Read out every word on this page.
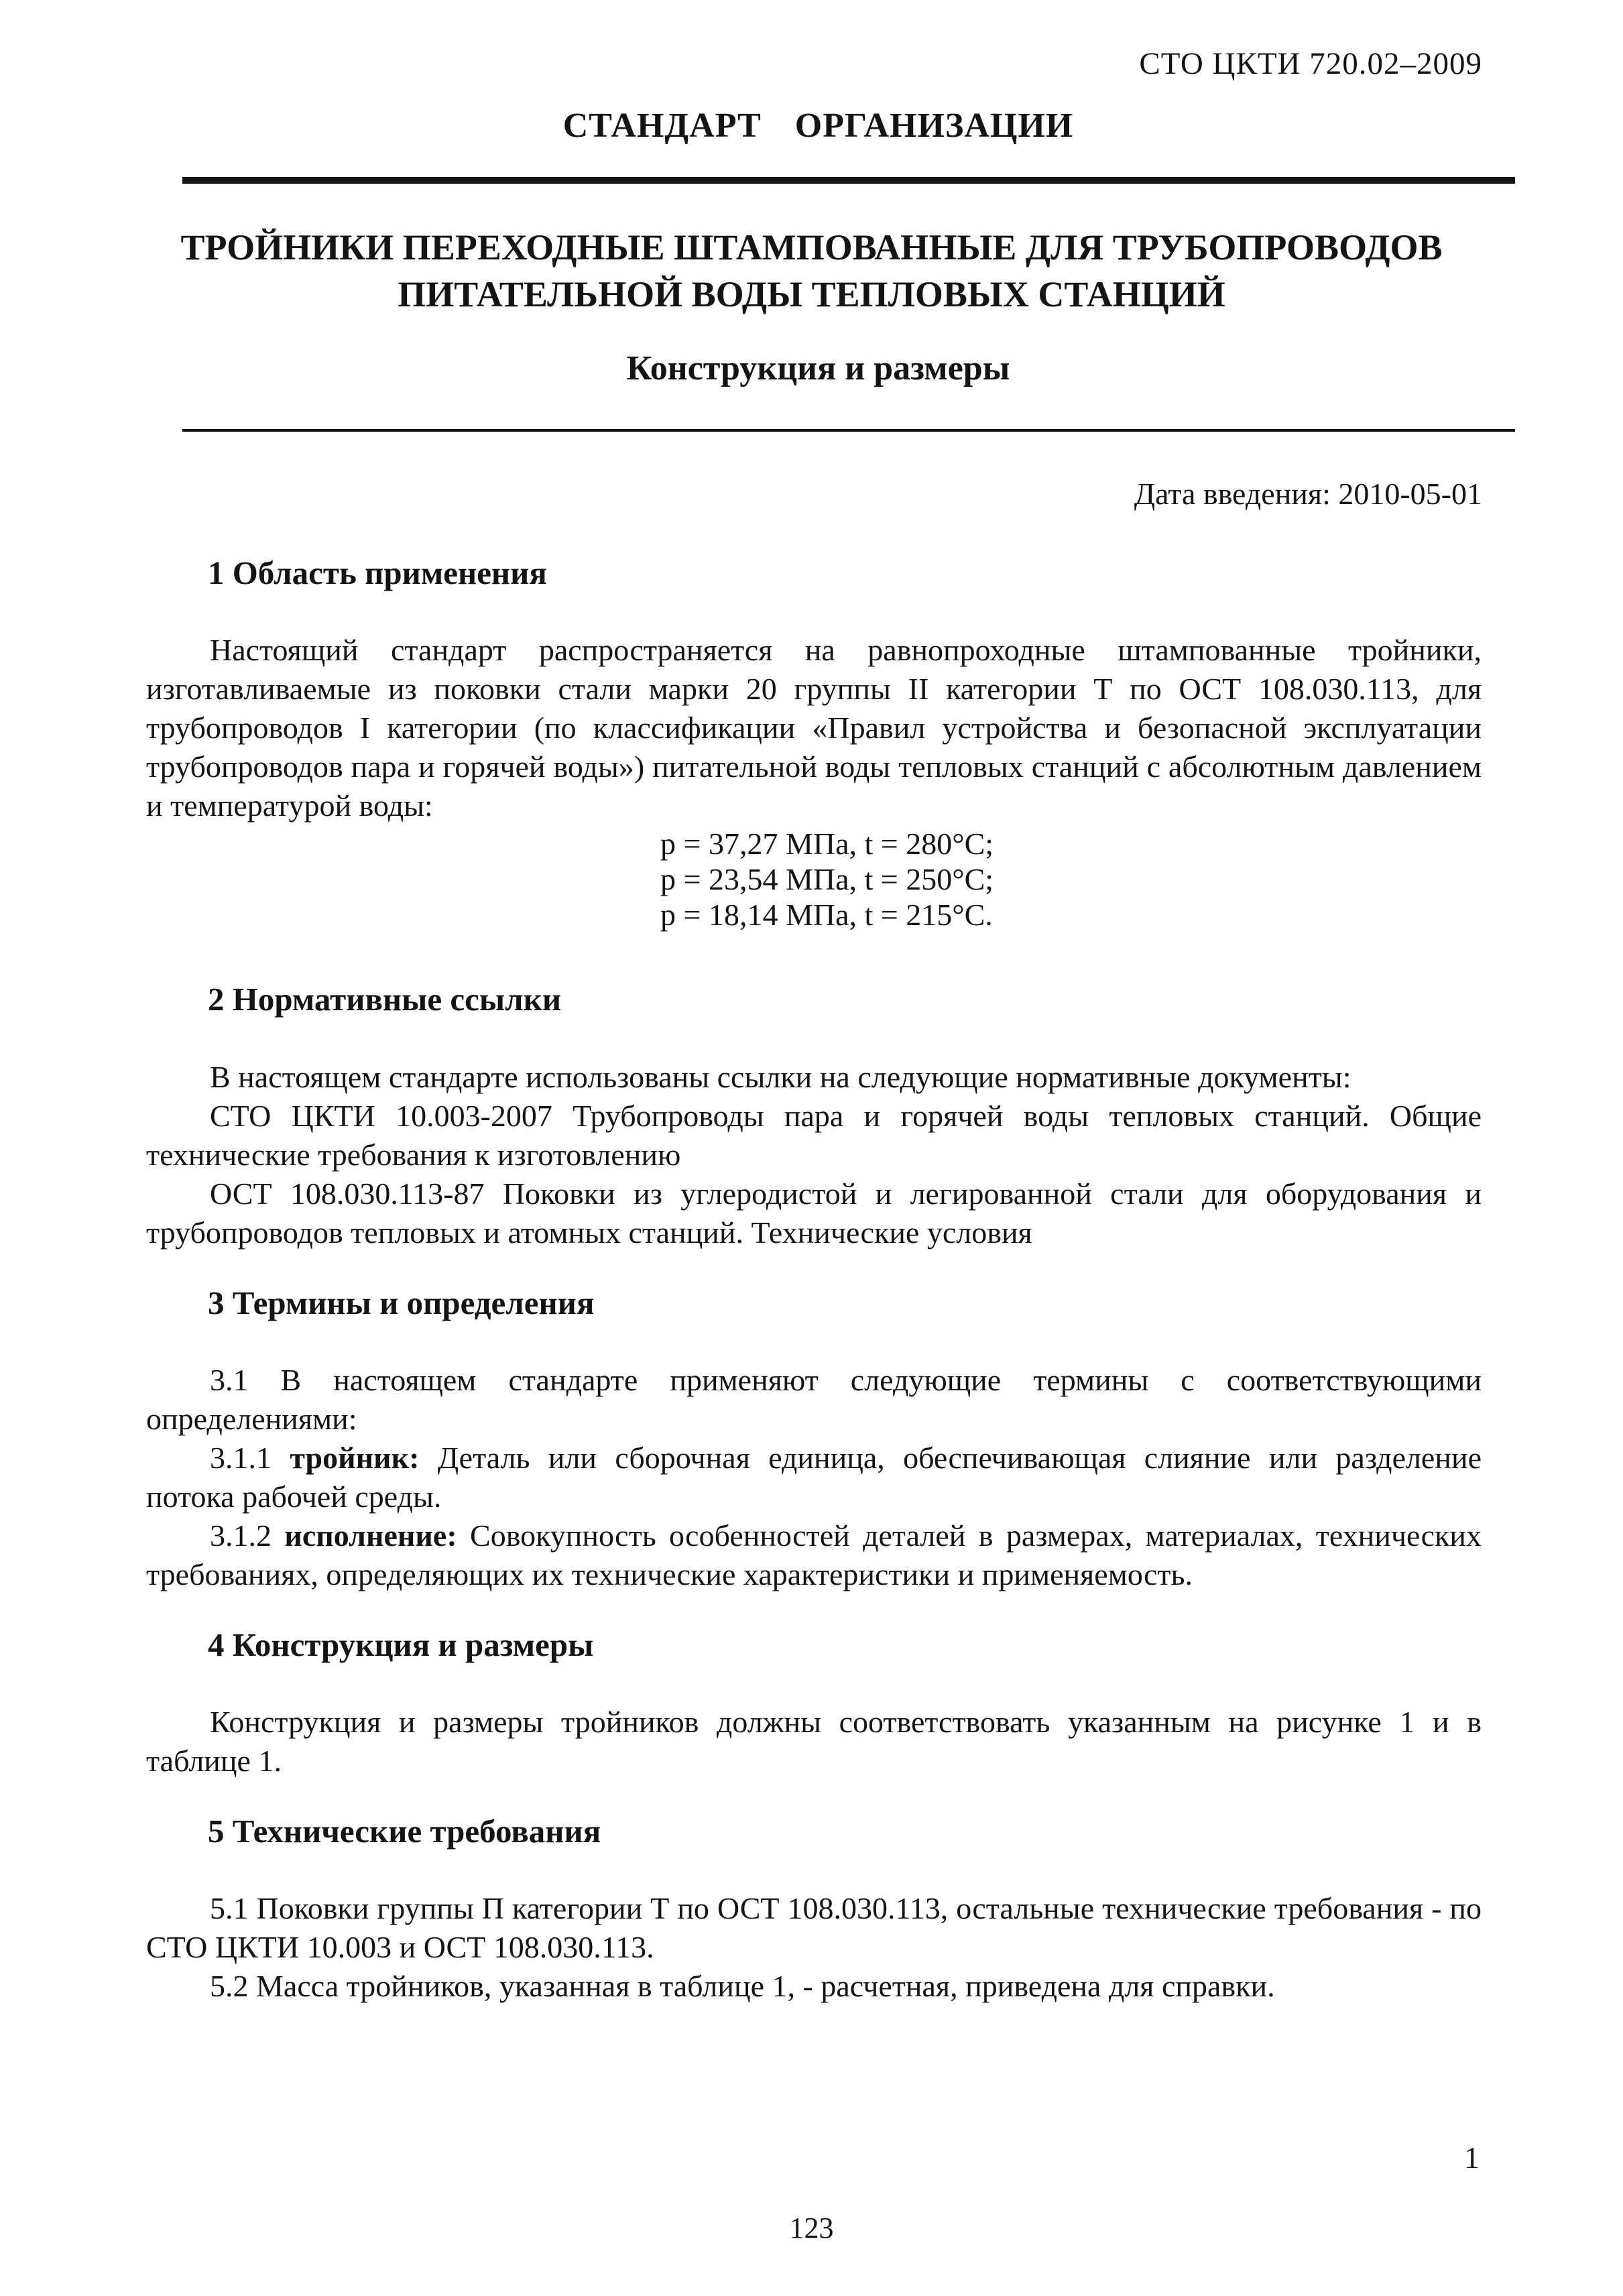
СТО ЦКТИ 720.02–2009
СТАНДАРТ ОРГАНИЗАЦИИ
ТРОЙНИКИ ПЕРЕХОДНЫЕ ШТАМПОВАННЫЕ ДЛЯ ТРУБОПРОВОДОВ
ПИТАТЕЛЬНОЙ ВОДЫ ТЕПЛОВЫХ СТАНЦИЙ
Конструкция и размеры
Дата введения: 2010-05-01
1 Область применения
Настоящий стандарт распространяется на равнопроходные штампованные тройники, изготавливаемые из поковки стали марки 20 группы II категории Т по ОСТ 108.030.113, для трубопроводов I категории (по классификации «Правил устройства и безопасной эксплуатации трубопроводов пара и горячей воды») питательной воды тепловых станций с абсолютным давлением и температурой воды:
p = 37,27 МПа, t = 280°C;
p = 23,54 МПа, t = 250°C;
p = 18,14 МПа, t = 215°C.
2 Нормативные ссылки
В настоящем стандарте использованы ссылки на следующие нормативные документы:
СТО ЦКТИ 10.003-2007 Трубопроводы пара и горячей воды тепловых станций. Общие технические требования к изготовлению
ОСТ 108.030.113-87 Поковки из углеродистой и легированной стали для оборудования и трубопроводов тепловых и атомных станций. Технические условия
3 Термины и определения
3.1 В настоящем стандарте применяют следующие термины с соответствующими определениями:
3.1.1 тройник: Деталь или сборочная единица, обеспечивающая слияние или разделение потока рабочей среды.
3.1.2 исполнение: Совокупность особенностей деталей в размерах, материалах, технических требованиях, определяющих их технические характеристики и применяемость.
4 Конструкция и размеры
Конструкция и размеры тройников должны соответствовать указанным на рисунке 1 и в таблице 1.
5 Технические требования
5.1 Поковки группы П категории Т по ОСТ 108.030.113, остальные технические требования - по СТО ЦКТИ 10.003 и ОСТ 108.030.113.
5.2 Масса тройников, указанная в таблице 1, - расчетная, приведена для справки.
1
123
